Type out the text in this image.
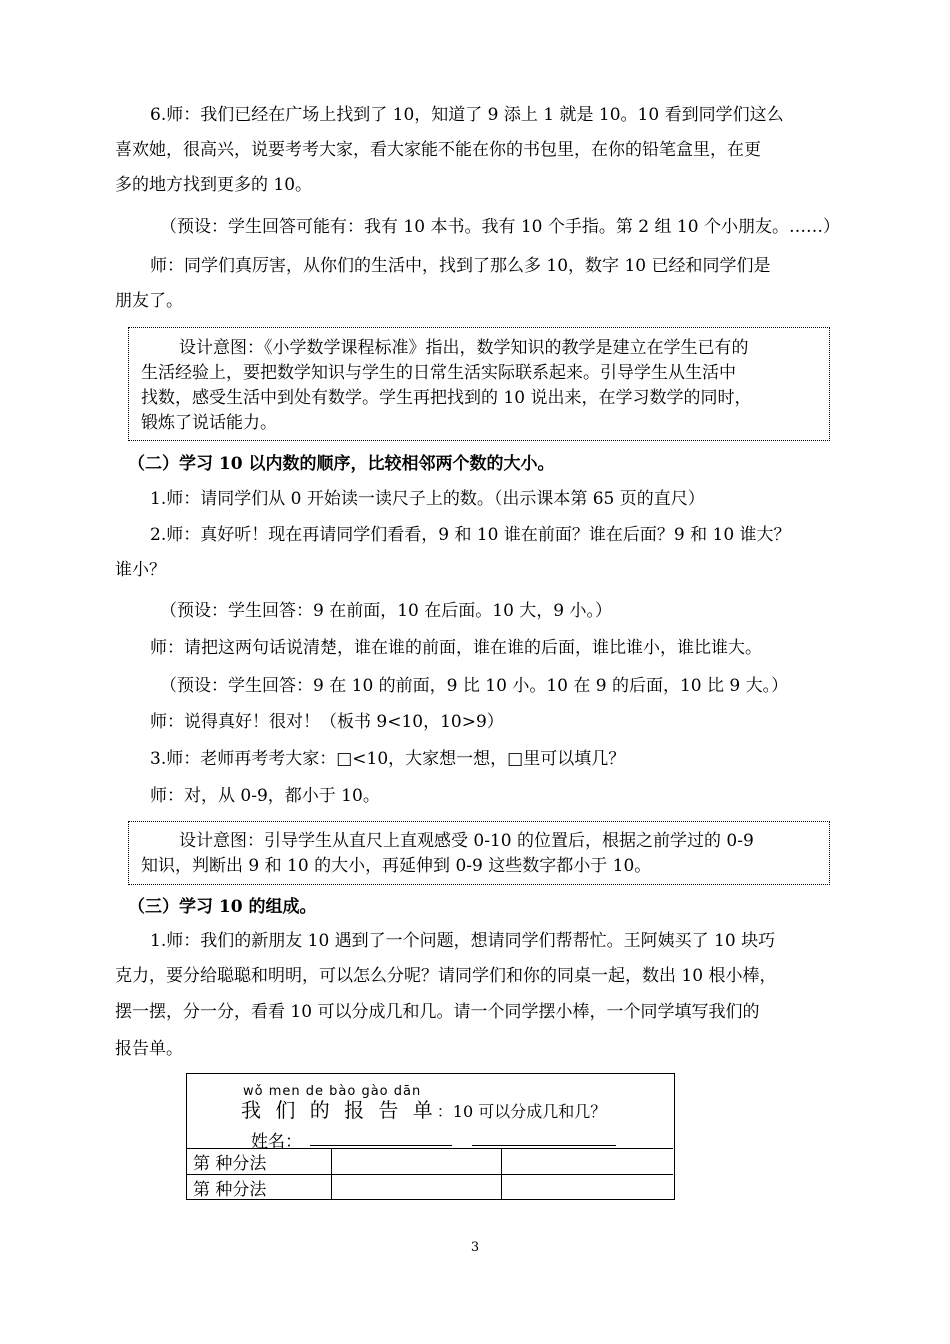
6.师：我们已经在广场上找到了 10，知道了 9 添上 1 就是 10。10 看到同学们这么
喜欢她，很高兴，说要考考大家，看大家能不能在你的书包里，在你的铅笔盒里，在更
多的地方找到更多的 10。
（预设：学生回答可能有：我有 10 本书。我有 10 个手指。第 2 组 10 个小朋友。……）
师：同学们真厉害，从你们的生活中，找到了那么多 10，数字 10 已经和同学们是
朋友了。
设计意图：《小学数学课程标准》指出，数学知识的教学是建立在学生已有的
生活经验上，要把数学知识与学生的日常生活实际联系起来。引导学生从生活中
找数，感受生活中到处有数学。学生再把找到的 10 说出来，在学习数学的同时，
锻炼了说话能力。
（二）学习 10 以内数的顺序，比较相邻两个数的大小。
1.师：请同学们从 0 开始读一读尺子上的数。（出示课本第 65 页的直尺）
2.师：真好听！现在再请同学们看看，9 和 10 谁在前面？谁在后面？9 和 10 谁大？
谁小？
（预设：学生回答：9 在前面，10 在后面。10 大，9 小。）
师：请把这两句话说清楚，谁在谁的前面，谁在谁的后面，谁比谁小，谁比谁大。
（预设：学生回答：9 在 10 的前面，9 比 10 小。10 在 9 的后面，10 比 9 大。）
师：说得真好！很对！（板书 9<10，10>9）
3.师：老师再考考大家：□<10，大家想一想，□里可以填几？
师：对，从 0-9，都小于 10。
设计意图：引导学生从直尺上直观感受 0-10 的位置后，根据之前学过的 0-9
知识，判断出 9 和 10 的大小，再延伸到 0-9 这些数字都小于 10。
（三）学习 10 的组成。
1.师：我们的新朋友 10 遇到了一个问题，想请同学们帮帮忙。王阿姨买了 10 块巧
克力，要分给聪聪和明明，可以怎么分呢？请同学们和你的同桌一起，数出 10 根小棒，
摆一摆，分一分，看看 10 可以分成几和几。请一个同学摆小棒，一个同学填写我们的
报告单。
wǒ men de bào gào dān
我 们 的 报 告 单：10 可以分成几和几？
姓名：
第 种分法		
第 种分法		
3
